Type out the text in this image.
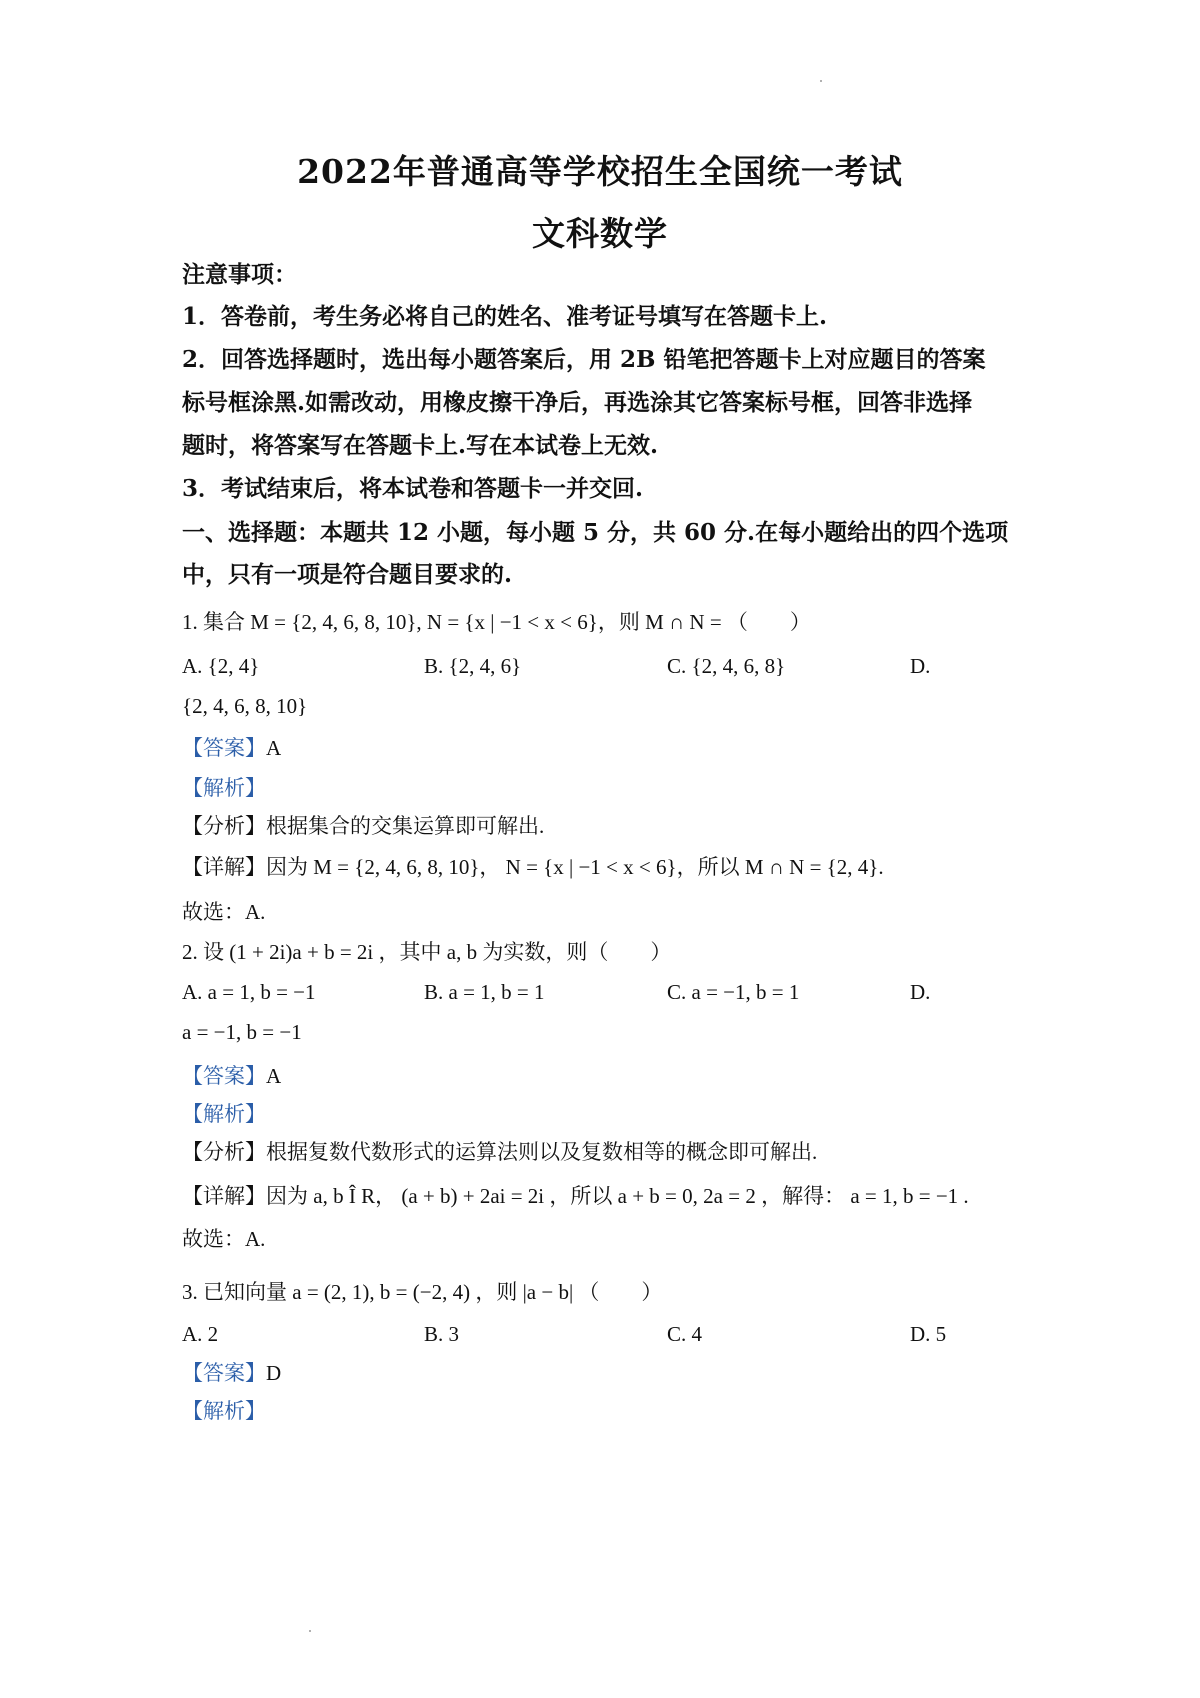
2022年普通高等学校招生全国统一考试
文科数学
注意事项：
1．答卷前，考生务必将自己的姓名、准考证号填写在答题卡上.
2．回答选择题时，选出每小题答案后，用 2B 铅笔把答题卡上对应题目的答案
标号框涂黑.如需改动，用橡皮擦干净后，再选涂其它答案标号框，回答非选择
题时，将答案写在答题卡上.写在本试卷上无效.
3．考试结束后，将本试卷和答题卡一并交回.
一、选择题：本题共 12 小题，每小题 5 分，共 60 分.在每小题给出的四个选项
中，只有一项是符合题目要求的.
1. 集合 M = {2, 4, 6, 8, 10}, N = {x | −1 < x < 6}，则 M ∩ N = （　　）
A. {2, 4}	B. {2, 4, 6}	C. {2, 4, 6, 8}	D.
{2, 4, 6, 8, 10}
【答案】A
【解析】
【分析】根据集合的交集运算即可解出.
【详解】因为 M = {2, 4, 6, 8, 10}， N = {x | −1 < x < 6}，所以 M ∩ N = {2, 4}.
故选：A.
2. 设 (1 + 2i)a + b = 2i ，其中 a, b 为实数，则（　　）
A. a = 1, b = −1	B. a = 1, b = 1	C. a = −1, b = 1	D.
a = −1, b = −1
【答案】A
【解析】
【分析】根据复数代数形式的运算法则以及复数相等的概念即可解出.
【详解】因为 a, b Î R， (a + b) + 2ai = 2i ，所以 a + b = 0, 2a = 2 ，解得： a = 1, b = −1 .
故选：A.
3. 已知向量 a = (2, 1), b = (−2, 4) ，则 |a − b| （　　）
A. 2	B. 3	C. 4	D. 5
【答案】D
【解析】
